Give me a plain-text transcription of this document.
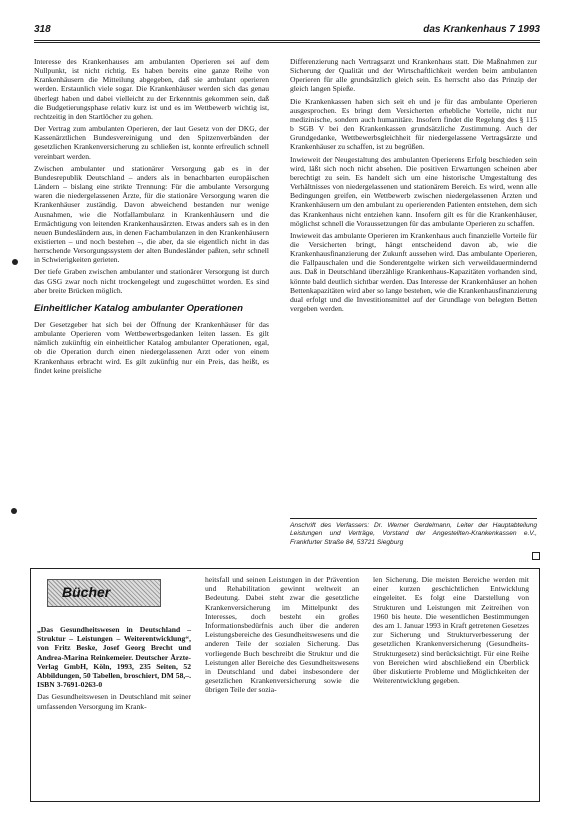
318	das Krankenhaus 7 1993

Interesse des Krankenhauses am ambulanten Operieren sei auf dem Nullpunkt, ist nicht richtig. Es haben bereits eine ganze Reihe von Krankenhäusern die Mitteilung abgegeben, daß sie ambulant operieren werden. Erstaunlich viele sogar. Die Krankenhäuser werden sich das genau überlegt haben und dabei vielleicht zu der Erkenntnis gekommen sein, daß die Budgetierungsphase relativ kurz ist und es im Wettbewerb wichtig ist, rechtzeitig in den Startlöcher zu gehen.

Der Vertrag zum ambulanten Operieren, der laut Gesetz von der DKG, der Kassenärztlichen Bundesvereinigung und den Spitzenverbänden der gesetzlichen Krankenversicherung zu schließen ist, konnte erfreulich schnell vereinbart werden.

Zwischen ambulanter und stationärer Versorgung gab es in der Bundesrepublik Deutschland – anders als in benachbarten europäischen Ländern – bislang eine strikte Trennung: Für die ambulante Versorgung waren die niedergelassenen Ärzte, für die stationäre Versorgung waren die Krankenhäuser zuständig. Davon abweichend bestanden nur wenige Ausnahmen, wie die Notfallambulanz in Krankenhäusern und die Ermächtigung von leitenden Krankenhausärzten. Etwas anders sah es in den neuen Bundesländern aus, in denen Fachambulanzen in den Krankenhäusern existierten – und noch bestehen –, die aber, da sie eigentlich nicht in das herrschende Versorgungssystem der alten Bundesländer paßten, sehr schnell in Schwierigkeiten gerieten.

Der tiefe Graben zwischen ambulanter und stationärer Versorgung ist durch das GSG zwar noch nicht trockengelegt und zugeschüttet worden. Es sind aber breite Brücken möglich.

Einheitlicher Katalog ambulanter Operationen

Der Gesetzgeber hat sich bei der Öffnung der Krankenhäuser für das ambulante Operieren vom Wettbewerbsgedanken leiten lassen. Es gilt nämlich zukünftig ein einheitlicher Katalog ambulanter Operationen, egal, ob die Operation durch einen niedergelassenen Arzt oder von einem Krankenhaus erbracht wird. Es gilt zukünftig nur ein Preis, das heißt, es findet keine preisliche

Differenzierung nach Vertragsarzt und Krankenhaus statt. Die Maßnahmen zur Sicherung der Qualität und der Wirtschaftlichkeit werden beim ambulanten Operieren für alle grundsätzlich gleich sein. Es herrscht also das Prinzip der gleich langen Spieße.

Die Krankenkassen haben sich seit eh und je für das ambulante Operieren ausgesprochen. Es bringt dem Versicherten erhebliche Vorteile, nicht nur medizinische, sondern auch humanitäre. Insofern findet die Regelung des § 115 b SGB V bei den Krankenkassen grundsätzliche Zustimmung. Auch der Grundgedanke, Wettbewerbsgleichheit für niedergelassene Vertragsärzte und Krankenhäuser zu schaffen, ist zu begrüßen.

Inwieweit der Neugestaltung des ambulanten Operierens Erfolg beschieden sein wird, läßt sich noch nicht absehen. Die positiven Erwartungen scheinen aber berechtigt zu sein. Es handelt sich um eine historische Umgestaltung des Verhältnisses von niedergelassenen und stationärem Bereich. Es wird, wenn alle Bedingungen greifen, ein Wettbewerb zwischen niedergelassenen Ärzten und Krankenhäusern um den ambulant zu operierenden Patienten entstehen, dem sich das Krankenhaus nicht entziehen kann. Insofern gilt es für die Krankenhäuser, möglichst schnell die Voraussetzungen für das ambulante Operieren zu schaffen.

Inwieweit das ambulante Operieren im Krankenhaus auch finanzielle Vorteile für die Versicherten bringt, hängt entscheidend davon ab, wie die Krankenhausfinanzierung der Zukunft aussehen wird. Das ambulante Operieren, die Fallpauschalen und die Sonderentgelte wirken sich verweildauermindernd aus. Daß in Deutschland überzählige Krankenhaus-Kapazitäten vorhanden sind, könnte bald deutlich sichtbar werden. Das Interesse der Krankenhäuser an hohen Bettenkapazitäten wird aber so lange bestehen, wie die Krankenhausfinanzierung dual erfolgt und die Investitionsmittel auf der Grundlage von belegten Betten vergeben werden.

Anschrift des Verfassers: Dr. Werner Gerdelmann, Leiter der Hauptabteilung Leistungen und Verträge, Vorstand der Angestellten-Krankenkassen e.V., Frankfurter Straße 84, 53721 Siegburg
Bücher

„Das Gesundheitswesen in Deutschland – Struktur – Leistungen – Weiterentwicklung“, von Fritz Beske, Josef Georg Brecht und Andrea-Marina Reinkemeier. Deutscher Ärzte-Verlag GmbH, Köln, 1993, 235 Seiten, 52 Abbildungen, 50 Tabellen, broschiert, DM 58,–. ISBN 3-7691-0263-0

Das Gesundheitswesen in Deutschland mit seiner umfassenden Versorgung im Krank-

heitsfall und seinen Leistungen in der Prävention und Rehabilitation gewinnt weltweit an Bedeutung. Dabei steht zwar die gesetzliche Krankenversicherung im Mittelpunkt des Interesses, doch besteht ein großes Informationsbedürfnis auch über die anderen Leistungsbereiche des Gesundheitswesens und die anderen Teile der sozialen Sicherung. Das vorliegende Buch beschreibt die Struktur und die Leistungen aller Bereiche des Gesundheitswesens in Deutschland und dabei insbesondere der gesetzlichen Krankenversicherung sowie die übrigen Teile der sozia-
len Sicherung. Die meisten Bereiche werden mit einer kurzen geschichtlichen Entwicklung eingeleitet. Es folgt eine Darstellung von Strukturen und Leistungen mit Zeitreihen von 1960 bis heute. Die wesentlichen Bestimmungen des am 1. Januar 1993 in Kraft getretenen Gesetzes zur Sicherung und Strukturverbesserung der gesetzlichen Krankenversicherung (Gesundheits-Strukturgesetz) sind berücksichtigt. Für eine Reihe von Bereichen wird abschließend ein Überblick über diskutierte Probleme und Möglichkeiten der Weiterentwicklung gegeben.
